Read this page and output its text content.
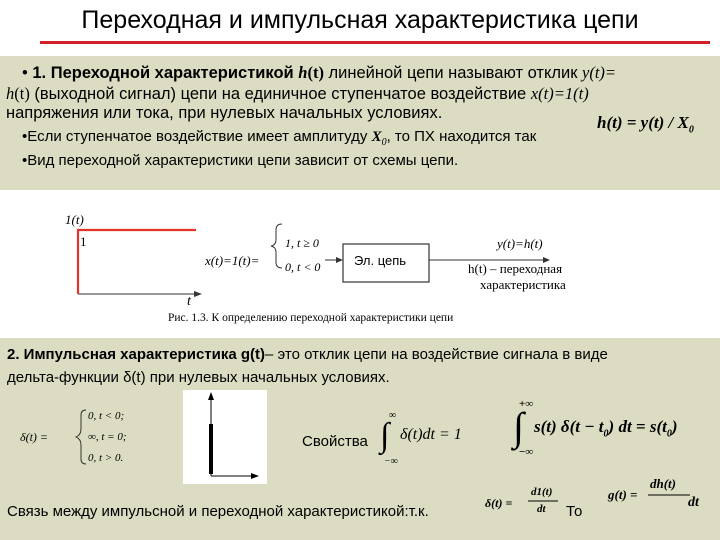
Переходная и импульсная характеристика цепи
• 1. Переходной характеристикой h(t) линейной цепи называют отклик y(t)=
h(t) (выходной сигнал) цепи на единичное ступенчатое воздействие x(t)=1(t)
напряжения или тока, при нулевых начальных условиях.
•Если ступенчатое воздействие имеет амплитуду $X_0$, то ПХ находится так
•Вид переходной характеристики цепи зависит от схемы цепи.
$h(t) = y(t) / X_0$
1(t)
1
t
x(t)=1(t)=
1, t ≥ 0
0, t < 0	Эл. цепь
y(t)=h(t)
h(t) – переходная
характеристика
Рис. 1.3. К определению переходной характеристики цепи
2. Импульсная характеристика g(t)– это отклик цепи на воздействие сигнала в виде
дельта-функции δ(t) при нулевых начальных условиях.
δ(t) =
0, t < 0;
∞, t = 0;
0, t > 0.
Свойства
∞
∫
−∞
δ(t)dt = 1
+∞
∫
−∞
s(t) $\delta(t - t_0)$ dt = $s(t_0)$
Связь между импульсной и переходной характеристикой:т.к.	δ(t) =
d1(t)
dt То
g(t) =
dh(t)
dt
